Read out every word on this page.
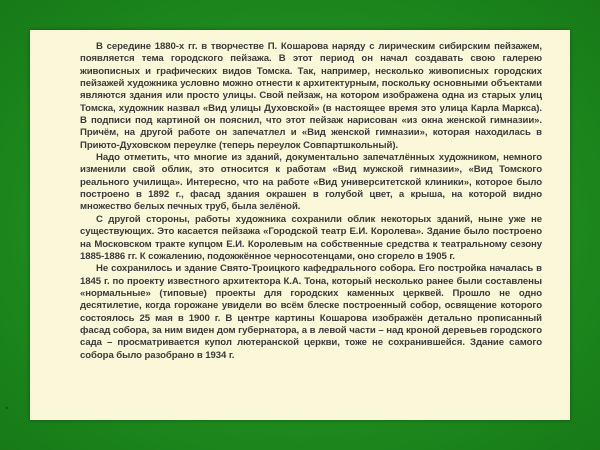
В середине 1880-х гг. в творчестве П. Кошарова наряду с лирическим сибирским пейзажем, появляется тема городского пейзажа. В этот период он начал создавать свою галерею живописных и графических видов Томска. Так, например, несколько живописных городских пейзажей художника условно можно отнести к архитектурным, поскольку основными объектами являются здания или просто улицы. Свой пейзаж, на котором изображена одна из старых улиц Томска, художник назвал «Вид улицы Духовской» (в настоящее время это улица Карла Маркса). В подписи под картиной он пояснил, что этот пейзаж нарисован «из окна женской гимназии». Причём, на другой работе он запечатлел и «Вид женской гимназии», которая находилась в Приюто-Духовском переулке (теперь переулок Совпартшкольный).

Надо отметить, что многие из зданий, документально запечатлённых художником, немного изменили свой облик, это относится к работам «Вид мужской гимназии», «Вид Томского реального училища». Интересно, что на работе «Вид университетской клиники», которое было построено в 1892 г., фасад здания окрашен в голубой цвет, а крыша, на которой видно множество белых печных труб, была зелёной.

С другой стороны, работы художника сохранили облик некоторых зданий, ныне уже не существующих. Это касается пейзажа «Городской театр Е.И. Королева». Здание было построено на Московском тракте купцом Е.И. Королевым на собственные средства к театральному сезону 1885-1886 гг. К сожалению, подожжённое черносотенцами, оно сгорело в 1905 г.

Не сохранилось и здание Свято-Троицкого кафедрального собора. Его постройка началась в 1845 г. по проекту известного архитектора К.А. Тона, который несколько ранее были составлены «нормальные» (типовые) проекты для городских каменных церквей. Прошло не одно десятилетие, когда горожане увидели во всём блеске построенный собор, освящение которого состоялось 25 мая в 1900 г. В центре картины Кошарова изображён детально прописанный фасад собора, за ним виден дом губернатора, а в левой части – над кроной деревьев городского сада – просматривается купол лютеранской церкви, тоже не сохранившейся. Здание самого собора было разобрано в 1934 г.
